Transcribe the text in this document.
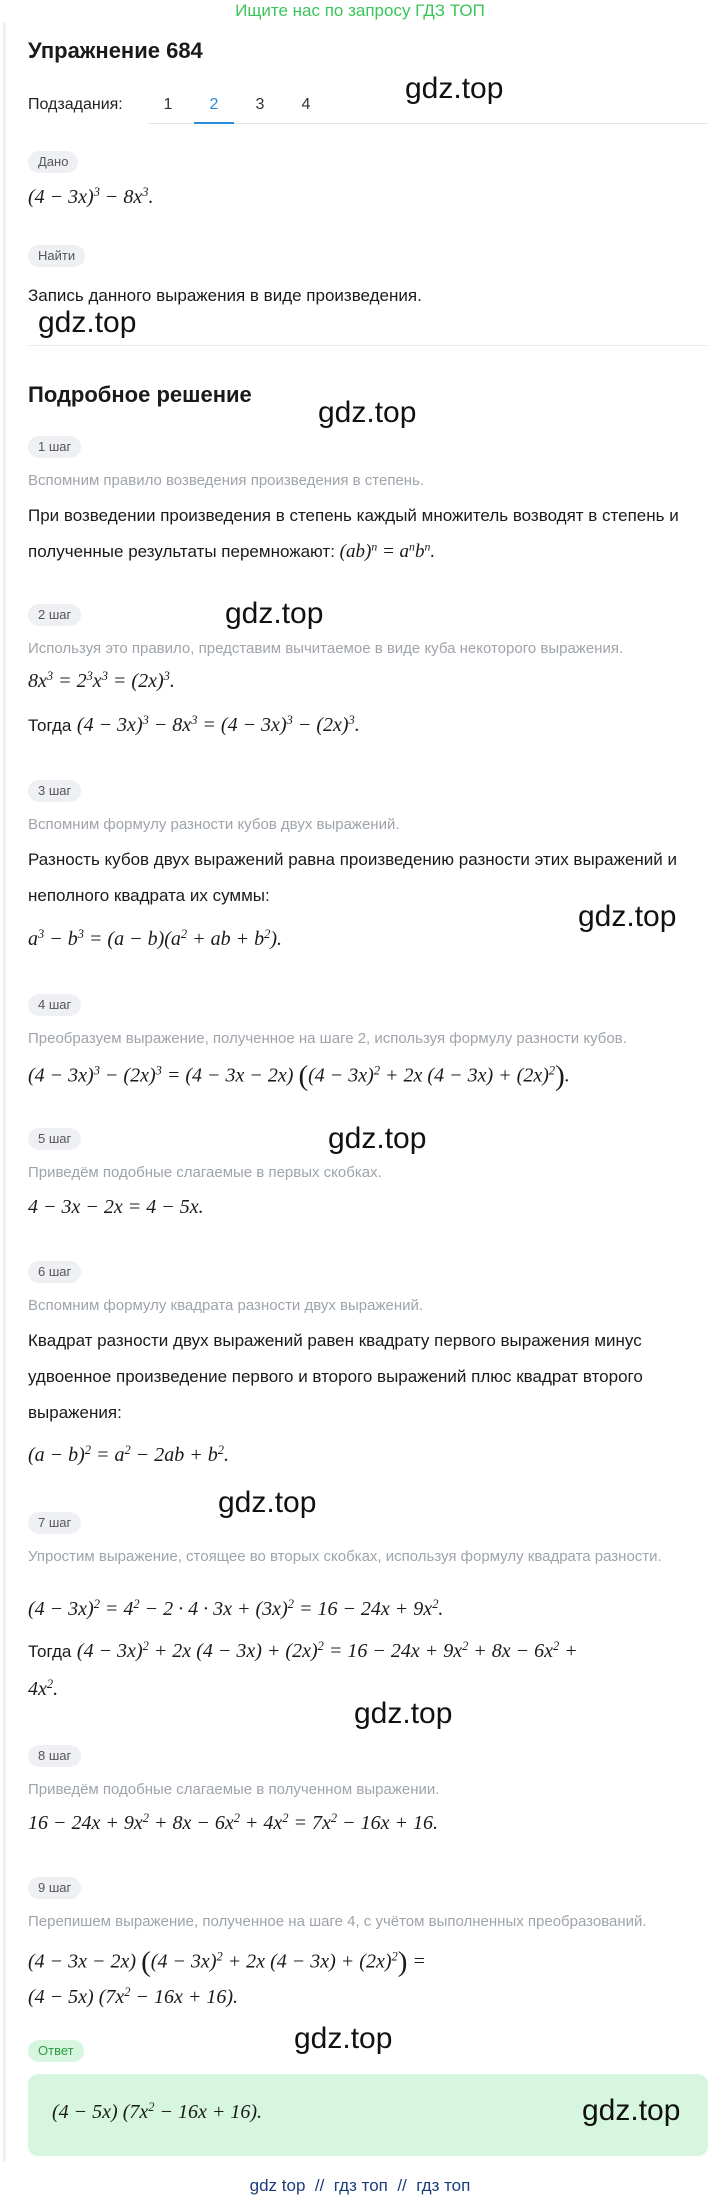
Ищите нас по запросу ГДЗ ТОП
Упражнение 684
Подзадания:	1	2	3	4
Дано
$(4 - 3x)^3 - 8x^3$.
Найти
Запись данного выражения в виде произведения.
Подробное решение
1 шаг
Вспомним правило возведения произведения в степень.
При возведении произведения в степень каждый множитель возводят в степень и полученные результаты перемножают: $(ab)^n = a^nb^n$.
2 шаг
Используя это правило, представим вычитаемое в виде куба некоторого выражения.
$8x^3 = 2^3x^3 = (2x)^3$.
Тогда $(4 - 3x)^3 - 8x^3 = (4 - 3x)^3 - (2x)^3$.
3 шаг
Вспомним формулу разности кубов двух выражений.
Разность кубов двух выражений равна произведению разности этих выражений и неполного квадрата их суммы:
$a^3 - b^3 = (a - b)(a^2$ + ab + $b^2$).
4 шаг
Преобразуем выражение, полученное на шаге 2, используя формулу разности кубов.
$(4 - 3x)^3 - (2x)^3 = (4 - 3x - 2x)$ ($(4 - 3x)^2 + 2x$ $(4 - 3x) + (2x)^2$).
5 шаг
Приведём подобные слагаемые в первых скобках.
4 − 3x − 2x = 4 − 5x.
6 шаг
Вспомним формулу квадрата разности двух выражений.
Квадрат разности двух выражений равен квадрату первого выражения минус удвоенное произведение первого и второго выражений плюс квадрат второго выражения:
$(a - b)^2 = a^2 - 2ab + b^2$.
7 шаг
Упростим выражение, стоящее во вторых скобках, используя формулу квадрата разности.
$(4 - 3x)^2 = 4^2 - 2 \cdot 4 \cdot 3x + (3x)^2 = 16 - 24x + 9x^2$.
Тогда $(4 - 3x)^2 + 2x$ $(4 - 3x) + (2x)^2 = 16 - 24x + 9x^2 + 8x - 6x^2$ +
$4x^2$.
8 шаг
Приведём подобные слагаемые в полученном выражении.
$16 - 24x + 9x^2 + 8x - 6x^2 + 4x^2 = 7x^2 - 16x + 16$.
9 шаг
Перепишем выражение, полученное на шаге 4, с учётом выполненных преобразований.
(4 − 3x − 2x) ($(4 - 3x)^2 + 2x$ $(4 - 3x) + (2x)^2$) =
(4 − 5x) $(7x^2 - 16x + 16)$.
Ответ
(4 − 5x) $(7x^2 - 16x + 16)$.
gdz.top
gdz.top
gdz.top
gdz.top
gdz.top
gdz.top
gdz.top
gdz.top
gdz.top
gdz.top
gdz top  //  гдз топ  //  гдз топ
